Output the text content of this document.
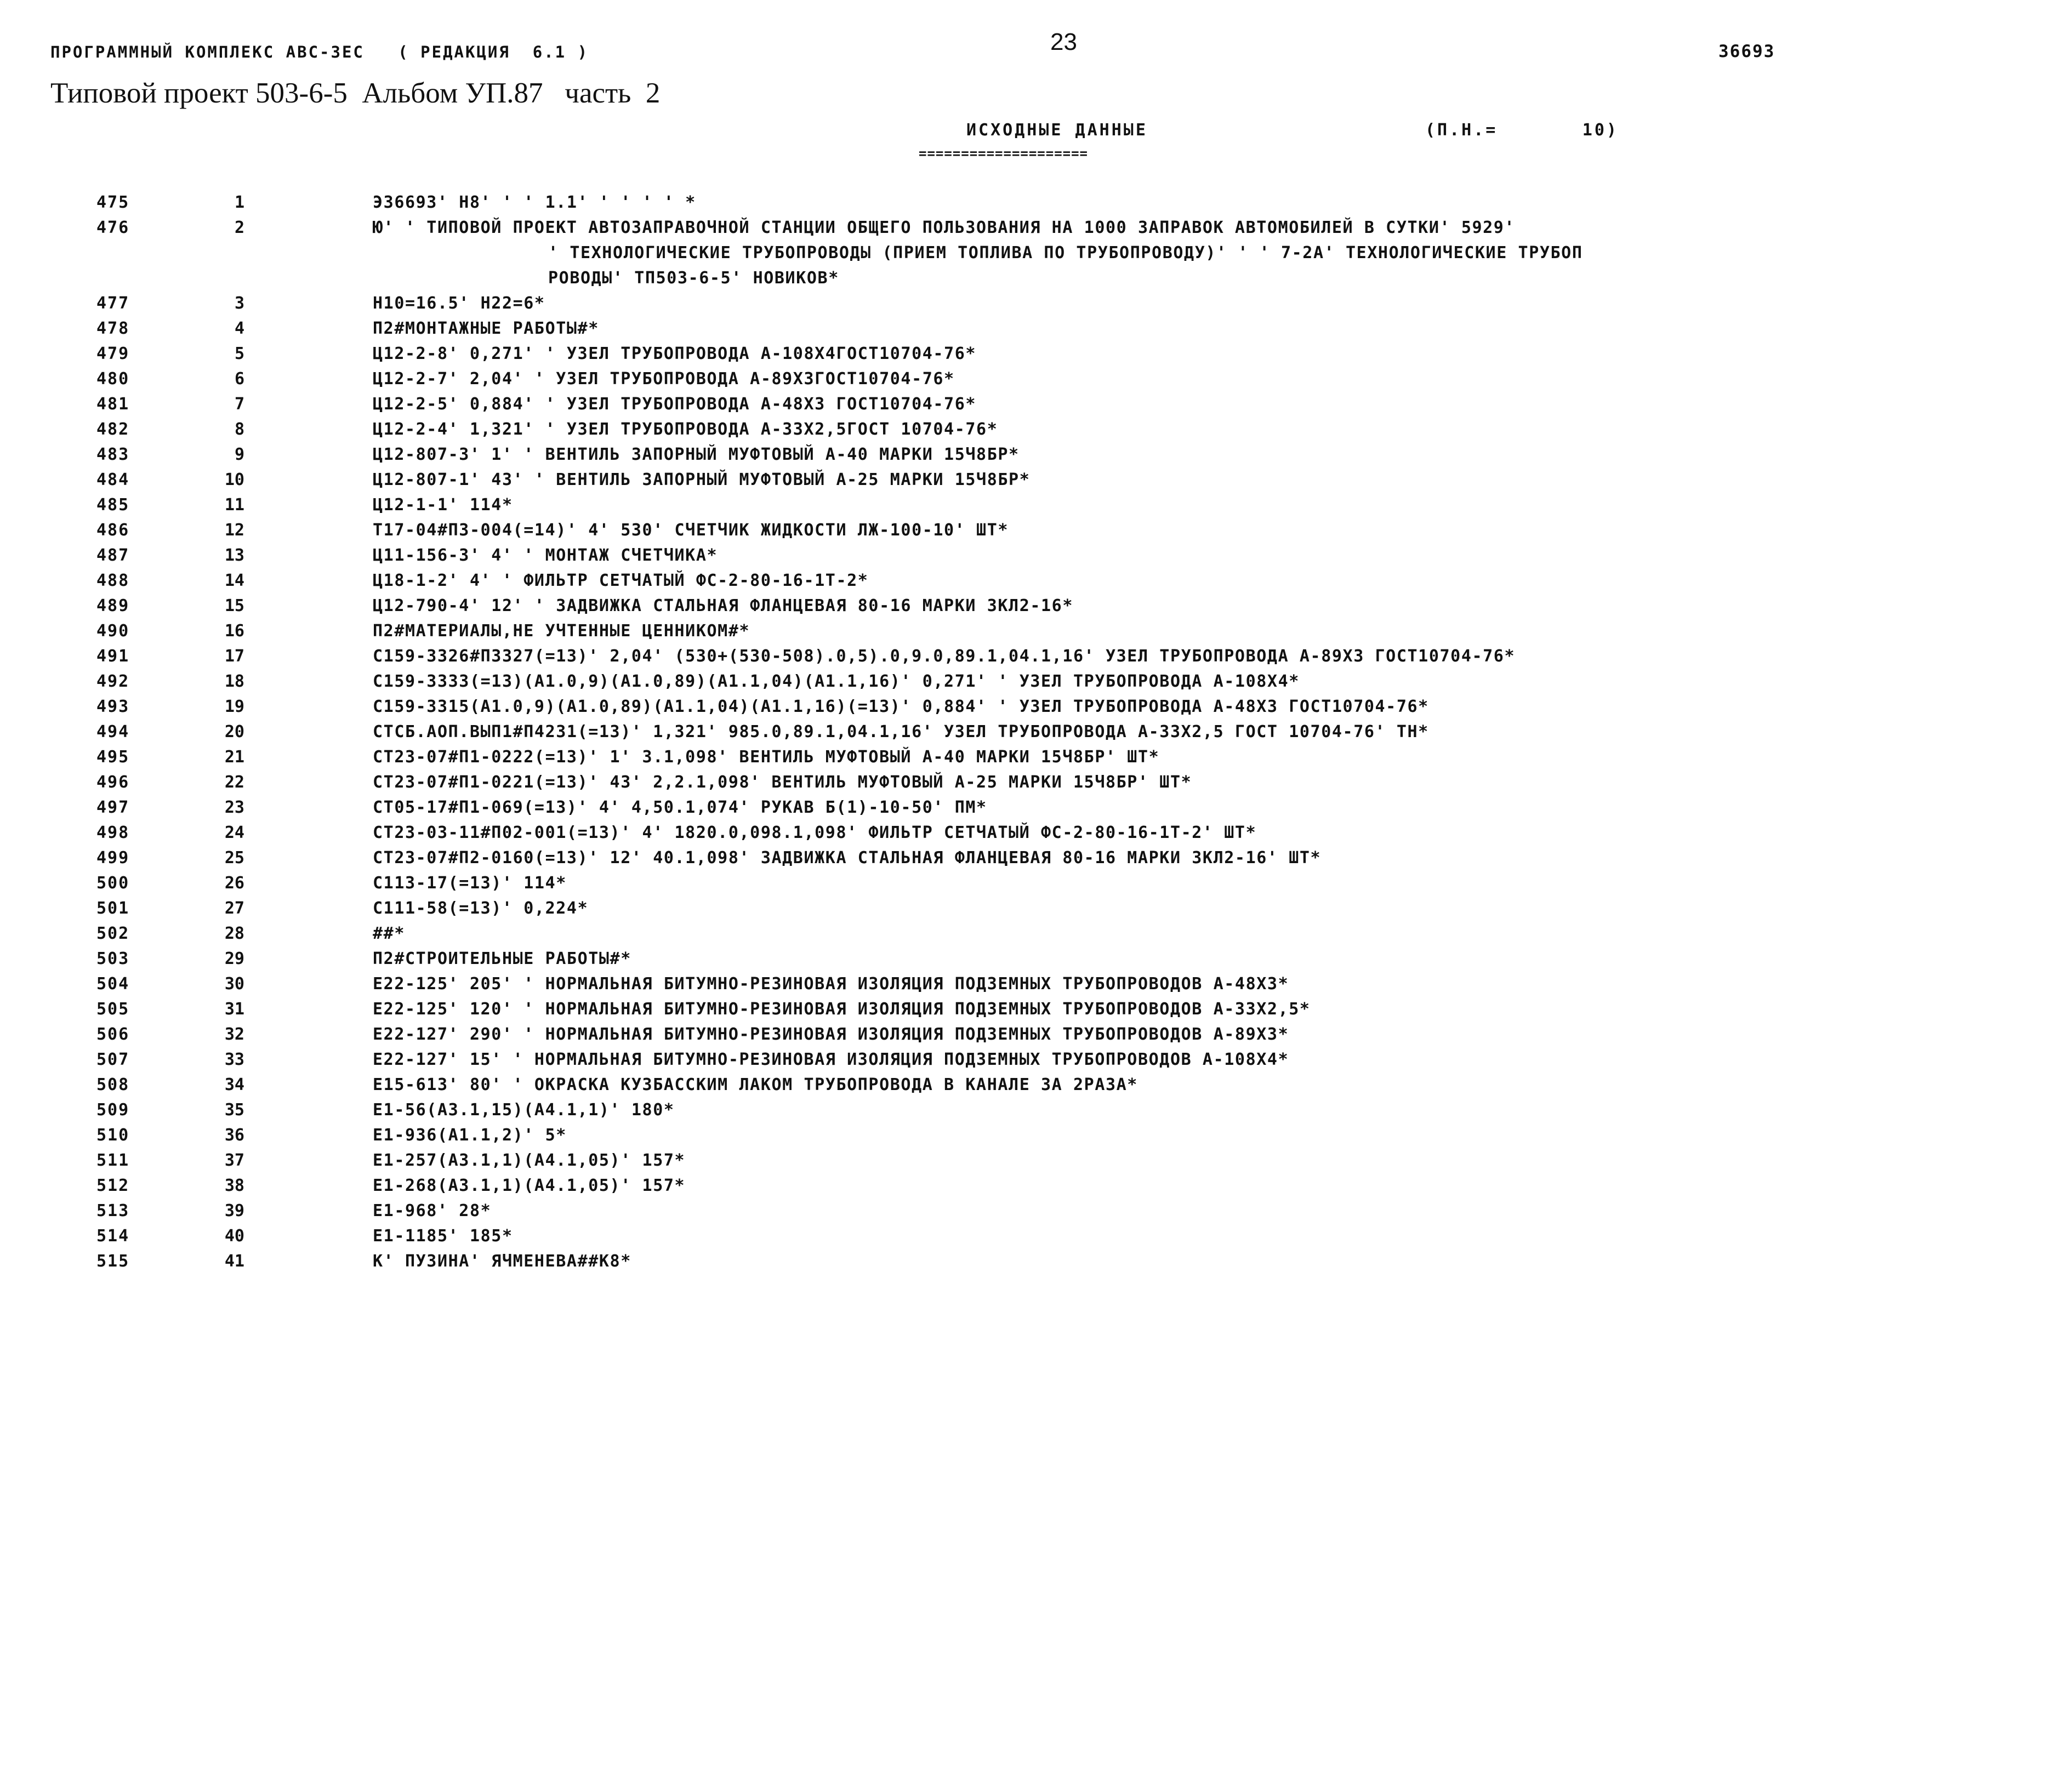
ПРОГРАММНЫЙ КОМПЛЕКС АВС-3ЕС   ( РЕДАКЦИЯ  6.1 )	23	36693
Типовой проект 503-6-5  Альбом УП.87   часть  2
ИСХОДНЫЕ ДАННЫЕ
====================
(П.Н.=       10)
475	1	Э36693' Н8' ' ' 1.1' ' ' ' ' *
476	2	Ю' ' ТИПОВОЙ ПРОЕКТ АВТОЗАПРАВОЧНОЙ СТАНЦИИ ОБЩЕГО ПОЛЬЗОВАНИЯ НА 1000 ЗАПРАВОК АВТОМОБИЛЕЙ В СУТКИ' 5929'
' ТЕХНОЛОГИЧЕСКИЕ ТРУБОПРОВОДЫ (ПРИЕМ ТОПЛИВА ПО ТРУБОПРОВОДУ)' ' ' 7-2А' ТЕХНОЛОГИЧЕСКИЕ ТРУБОП
РОВОДЫ' ТП503-6-5' НОВИКОВ*
477	3	Н10=16.5' Н22=6*
478	4	П2#МОНТАЖНЫЕ РАБОТЫ#*
479	5	Ц12-2-8' 0,271' ' УЗЕЛ ТРУБОПРОВОДА А-108Х4ГОСТ10704-76*
480	6	Ц12-2-7' 2,04' ' УЗЕЛ ТРУБОПРОВОДА А-89Х3ГОСТ10704-76*
481	7	Ц12-2-5' 0,884' ' УЗЕЛ ТРУБОПРОВОДА А-48Х3 ГОСТ10704-76*
482	8	Ц12-2-4' 1,321' ' УЗЕЛ ТРУБОПРОВОДА А-33Х2,5ГОСТ 10704-76*
483	9	Ц12-807-3' 1' ' ВЕНТИЛЬ ЗАПОРНЫЙ МУФТОВЫЙ А-40 МАРКИ 15Ч8БР*
484	10	Ц12-807-1' 43' ' ВЕНТИЛЬ ЗАПОРНЫЙ МУФТОВЫЙ А-25 МАРКИ 15Ч8БР*
485	11	Ц12-1-1' 114*
486	12	Т17-04#П3-004(=14)' 4' 530' СЧЕТЧИК ЖИДКОСТИ ЛЖ-100-10' ШТ*
487	13	Ц11-156-3' 4' ' МОНТАЖ СЧЕТЧИКА*
488	14	Ц18-1-2' 4' ' ФИЛЬТР СЕТЧАТЫЙ ФС-2-80-16-1Т-2*
489	15	Ц12-790-4' 12' ' ЗАДВИЖКА СТАЛЬНАЯ ФЛАНЦЕВАЯ 80-16 МАРКИ ЗКЛ2-16*
490	16	П2#МАТЕРИАЛЫ,НЕ УЧТЕННЫЕ ЦЕННИКОМ#*
491	17	С159-3326#П3327(=13)' 2,04' (530+(530-508).0,5).0,9.0,89.1,04.1,16' УЗЕЛ ТРУБОПРОВОДА А-89Х3 ГОСТ10704-76*
492	18	С159-3333(=13)(А1.0,9)(А1.0,89)(А1.1,04)(А1.1,16)' 0,271' ' УЗЕЛ ТРУБОПРОВОДА А-108Х4*
493	19	С159-3315(А1.0,9)(А1.0,89)(А1.1,04)(А1.1,16)(=13)' 0,884' ' УЗЕЛ ТРУБОПРОВОДА А-48Х3 ГОСТ10704-76*
494	20	СТСБ.АОП.ВЫП1#П4231(=13)' 1,321' 985.0,89.1,04.1,16' УЗЕЛ ТРУБОПРОВОДА А-33Х2,5 ГОСТ 10704-76' ТН*
495	21	СТ23-07#П1-0222(=13)' 1' 3.1,098' ВЕНТИЛЬ МУФТОВЫЙ А-40 МАРКИ 15Ч8БР' ШТ*
496	22	СТ23-07#П1-0221(=13)' 43' 2,2.1,098' ВЕНТИЛЬ МУФТОВЫЙ А-25 МАРКИ 15Ч8БР' ШТ*
497	23	СТ05-17#П1-069(=13)' 4' 4,50.1,074' РУКАВ Б(1)-10-50' ПМ*
498	24	СТ23-03-11#П02-001(=13)' 4' 1820.0,098.1,098' ФИЛЬТР СЕТЧАТЫЙ ФС-2-80-16-1Т-2' ШТ*
499	25	СТ23-07#П2-0160(=13)' 12' 40.1,098' ЗАДВИЖКА СТАЛЬНАЯ ФЛАНЦЕВАЯ 80-16 МАРКИ ЗКЛ2-16' ШТ*
500	26	С113-17(=13)' 114*
501	27	С111-58(=13)' 0,224*
502	28	##*
503	29	П2#СТРОИТЕЛЬНЫЕ РАБОТЫ#*
504	30	Е22-125' 205' ' НОРМАЛЬНАЯ БИТУМНО-РЕЗИНОВАЯ ИЗОЛЯЦИЯ ПОДЗЕМНЫХ ТРУБОПРОВОДОВ А-48Х3*
505	31	Е22-125' 120' ' НОРМАЛЬНАЯ БИТУМНО-РЕЗИНОВАЯ ИЗОЛЯЦИЯ ПОДЗЕМНЫХ ТРУБОПРОВОДОВ А-33Х2,5*
506	32	Е22-127' 290' ' НОРМАЛЬНАЯ БИТУМНО-РЕЗИНОВАЯ ИЗОЛЯЦИЯ ПОДЗЕМНЫХ ТРУБОПРОВОДОВ А-89Х3*
507	33	Е22-127' 15' ' НОРМАЛЬНАЯ БИТУМНО-РЕЗИНОВАЯ ИЗОЛЯЦИЯ ПОДЗЕМНЫХ ТРУБОПРОВОДОВ А-108Х4*
508	34	Е15-613' 80' ' ОКРАСКА КУЗБАССКИМ ЛАКОМ ТРУБОПРОВОДА В КАНАЛЕ ЗА 2РАЗА*
509	35	Е1-56(А3.1,15)(А4.1,1)' 180*
510	36	Е1-936(А1.1,2)' 5*
511	37	Е1-257(А3.1,1)(А4.1,05)' 157*
512	38	Е1-268(А3.1,1)(А4.1,05)' 157*
513	39	Е1-968' 28*
514	40	Е1-1185' 185*
515	41	К' ПУЗИНА' ЯЧМЕНЕВА##К8*
